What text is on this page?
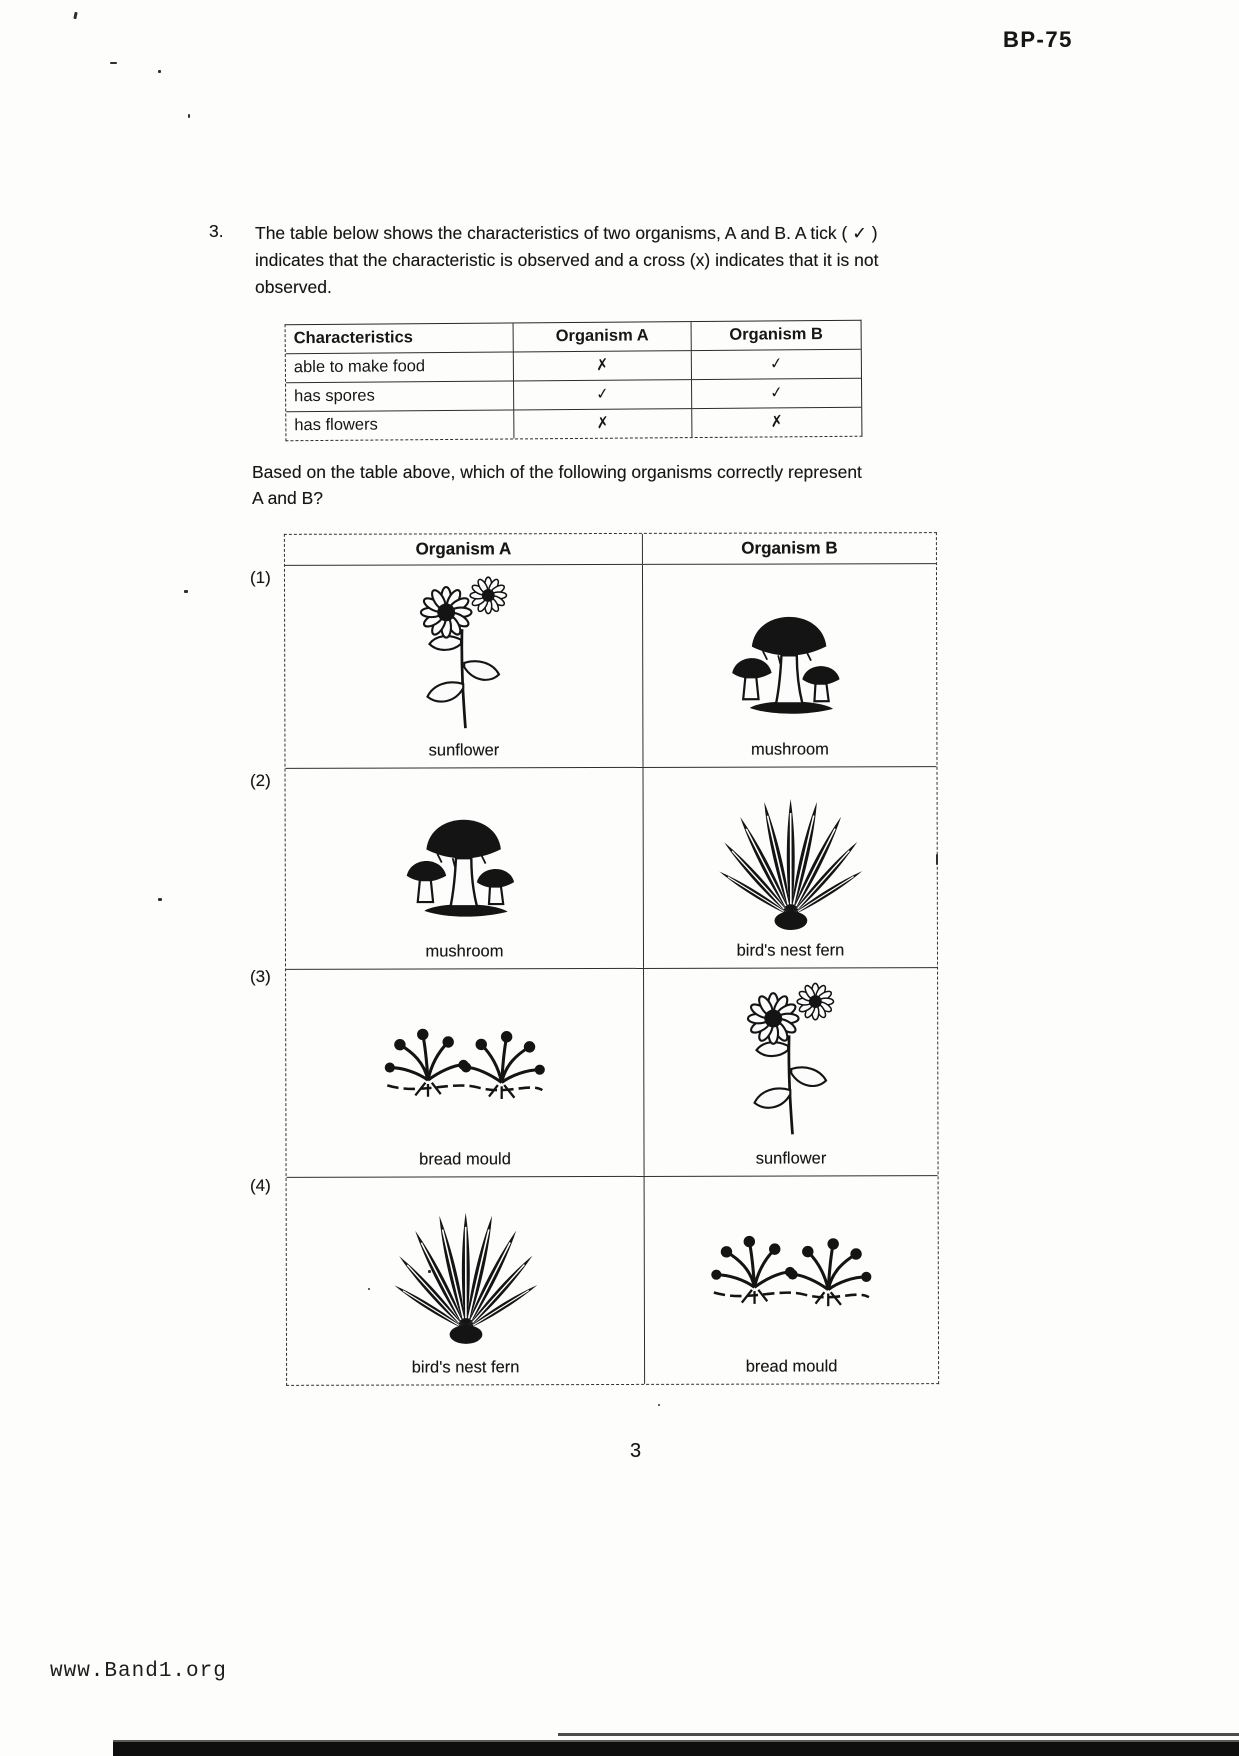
BP-75
3. The table below shows the characteristics of two organisms, A and B. A tick ( ✓ )
indicates that the characteristic is observed and a cross (x) indicates that it is not
observed.
Characteristics	Organism A	Organism B
able to make food	✗	✓
has spores	✓	✓
has flowers	✗	✗
Based on the table above, which of the following organisms correctly represent
A and B?
(1)
(2)
(3)
(4)
Organism A	Organism B
sunflower	mushroom
mushroom	bird's nest fern
bread mould	sunflower
bird's nest fern	bread mould
3
www.Band1.org
